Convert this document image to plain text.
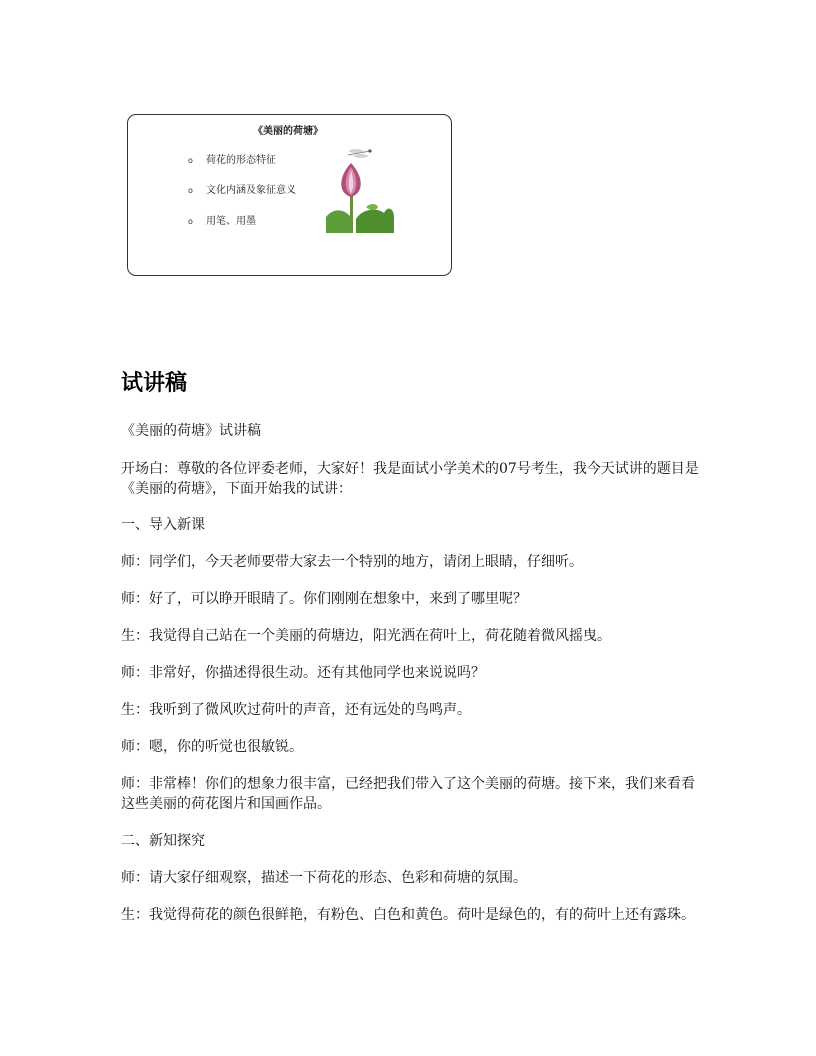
《美丽的荷塘》
o 荷花的形态特征
o 文化内涵及象征意义
o 用笔、用墨
试讲稿

《美丽的荷塘》试讲稿

开场白：尊敬的各位评委老师，大家好！我是面试小学美术的07号考生，我今天试讲的题目是《美丽的荷塘》，下面开始我的试讲：

一、导入新课

师：同学们，今天老师要带大家去一个特别的地方，请闭上眼睛，仔细听。

师：好了，可以睁开眼睛了。你们刚刚在想象中，来到了哪里呢？

生：我觉得自己站在一个美丽的荷塘边，阳光洒在荷叶上，荷花随着微风摇曳。

师：非常好，你描述得很生动。还有其他同学也来说说吗？

生：我听到了微风吹过荷叶的声音，还有远处的鸟鸣声。

师：嗯，你的听觉也很敏锐。

师：非常棒！你们的想象力很丰富，已经把我们带入了这个美丽的荷塘。接下来，我们来看看这些美丽的荷花图片和国画作品。

二、新知探究

师：请大家仔细观察，描述一下荷花的形态、色彩和荷塘的氛围。

生：我觉得荷花的颜色很鲜艳，有粉色、白色和黄色。荷叶是绿色的，有的荷叶上还有露珠。
